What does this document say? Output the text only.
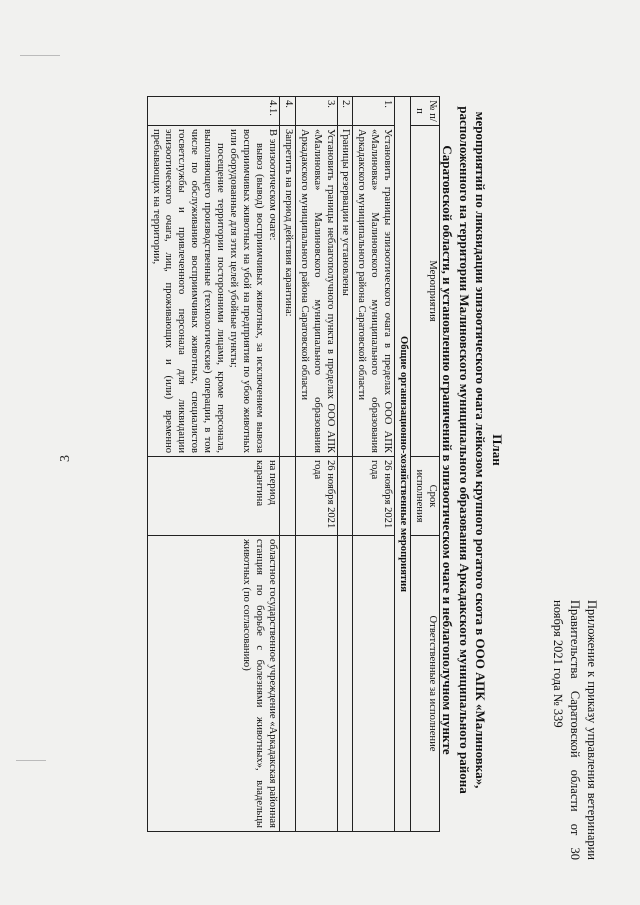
3
Приложение к приказу управления ветеринарии Правительства Саратовской области от 30 ноября 2021 года № 339
План
мероприятий по ликвидации эпизоотического очага лейкозом крупного рогатого скота в ООО АПК «Малиновка»,
расположенного на территории Малиновского муниципального образования Аркадакского муниципального района
Саратовской области, и установлению ограничений в эпизоотическом очаге и неблагополучном пункте
№ п/п	Мероприятия	Срок исполнения	Ответственные за исполнение
Общие организационно-хозяйственные мероприятия			
1.	Установить границы эпизоотического очага в пределах ООО АПК «Малиновка» Малиновского муниципального образования Аркадакского муниципального района Саратовской области	26 ноября 2021 года	
2.	Границы резервации не установлены		
3.	Установить границы неблагополучного пункта в пределах ООО АПК «Малиновка» Малиновского муниципального образования Аркадакского муниципального района Саратовской области	26 ноября 2021 года	
4.	Запретить на период действия карантина:		
4.1.	В эпизоотическом очаге:
вывоз (вывод) восприимчивых животных, за исключением вывоза восприимчивых животных на убой на предприятия по убою животных или оборудованные для этих целей убойные пункты;
посещение территории посторонними лицами, кроме персонала, выполняющего производственные (технологические) операции, в том числе по обслуживанию восприимчивых животных, специалистов госветслужбы и привлеченного персонала для ликвидации эпизоотического очага, лиц, проживающих и (или) временно пребывающих на территории,	на период карантина	областное государственное учреждение «Аркадакская районная станция по борьбе с болезнями животных», владельцы животных (по согласованию)
